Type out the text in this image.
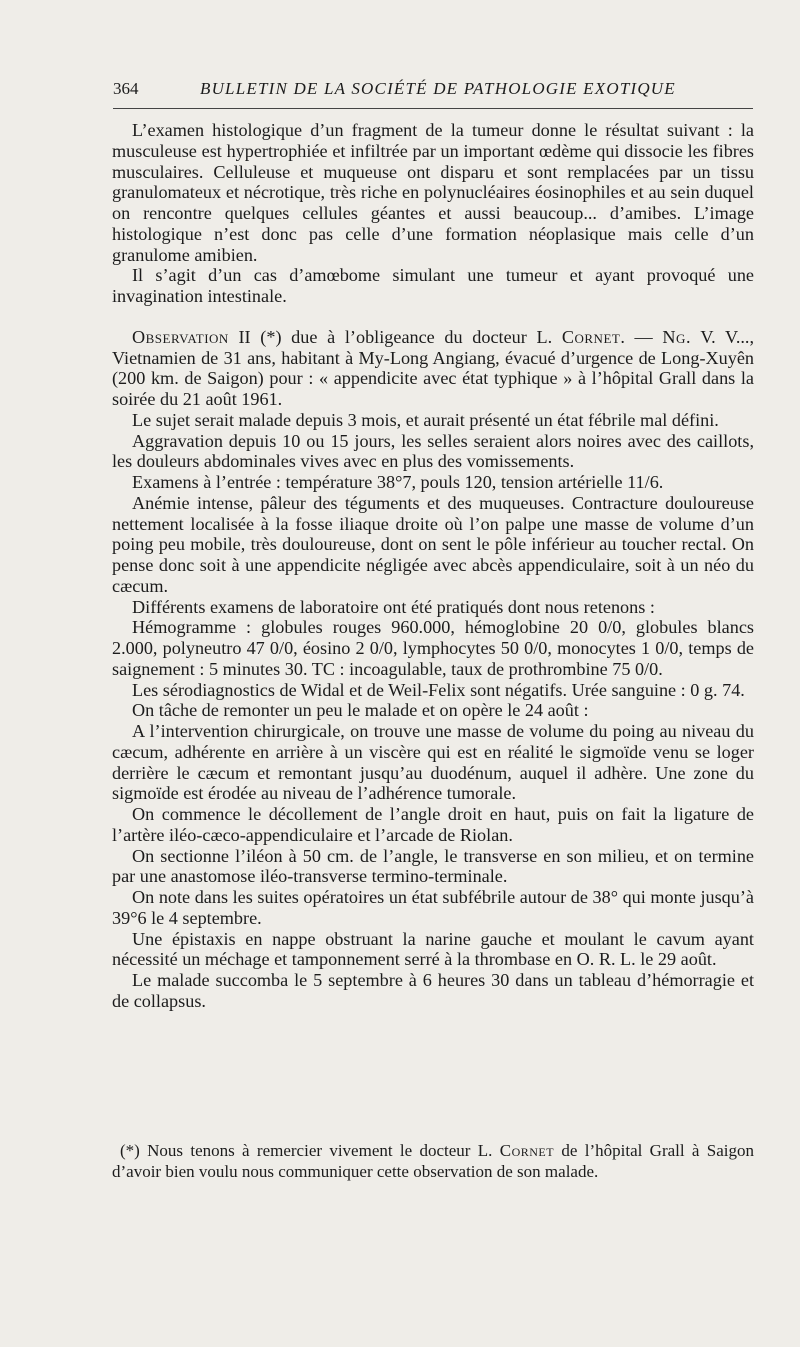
364	BULLETIN DE LA SOCIÉTÉ DE PATHOLOGIE EXOTIQUE

L’examen histologique d’un fragment de la tumeur donne le résultat suivant : la musculeuse est hypertrophiée et infiltrée par un important œdème qui dissocie les fibres musculaires. Celluleuse et muqueuse ont disparu et sont remplacées par un tissu granulomateux et nécrotique, très riche en polynucléaires éosinophiles et au sein duquel on rencontre quelques cellules géantes et aussi beaucoup... d’amibes. L’image histologique n’est donc pas celle d’une formation néoplasique mais celle d’un granulome amibien.

Il s’agit d’un cas d’amœbome simulant une tumeur et ayant provoqué une invagination intestinale.

Observation II (*) due à l’obligeance du docteur L. Cornet. — Ng. V. V..., Vietnamien de 31 ans, habitant à My-Long Angiang, évacué d’urgence de Long-Xuyên (200 km. de Saigon) pour : « appendicite avec état typhique » à l’hôpital Grall dans la soirée du 21 août 1961.

Le sujet serait malade depuis 3 mois, et aurait présenté un état fébrile mal défini.

Aggravation depuis 10 ou 15 jours, les selles seraient alors noires avec des caillots, les douleurs abdominales vives avec en plus des vomissements.

Examens à l’entrée : température 38°7, pouls 120, tension artérielle 11/6.

Anémie intense, pâleur des téguments et des muqueuses. Contracture douloureuse nettement localisée à la fosse iliaque droite où l’on palpe une masse de volume d’un poing peu mobile, très douloureuse, dont on sent le pôle inférieur au toucher rectal. On pense donc soit à une appendicite négligée avec abcès appendiculaire, soit à un néo du cæcum.

Différents examens de laboratoire ont été pratiqués dont nous retenons :

Hémogramme : globules rouges 960.000, hémoglobine 20 0/0, globules blancs 2.000, polyneutro 47 0/0, éosino 2 0/0, lymphocytes 50 0/0, monocytes 1 0/0, temps de saignement : 5 minutes 30. TC : incoagulable, taux de prothrombine 75 0/0.

Les sérodiagnostics de Widal et de Weil-Felix sont négatifs. Urée sanguine : 0 g. 74.

On tâche de remonter un peu le malade et on opère le 24 août :

A l’intervention chirurgicale, on trouve une masse de volume du poing au niveau du cæcum, adhérente en arrière à un viscère qui est en réalité le sigmoïde venu se loger derrière le cæcum et remontant jusqu’au duodénum, auquel il adhère. Une zone du sigmoïde est érodée au niveau de l’adhérence tumorale.

On commence le décollement de l’angle droit en haut, puis on fait la ligature de l’artère iléo-cæco-appendiculaire et l’arcade de Riolan.

On sectionne l’iléon à 50 cm. de l’angle, le transverse en son milieu, et on termine par une anastomose iléo-transverse termino-terminale.

On note dans les suites opératoires un état subfébrile autour de 38° qui monte jusqu’à 39°6 le 4 septembre.

Une épistaxis en nappe obstruant la narine gauche et moulant le cavum ayant nécessité un méchage et tamponnement serré à la thrombase en O. R. L. le 29 août.

Le malade succomba le 5 septembre à 6 heures 30 dans un tableau d’hémorragie et de collapsus.

(*) Nous tenons à remercier vivement le docteur L. Cornet de l’hôpital Grall à Saigon d’avoir bien voulu nous communiquer cette observation de son malade.
